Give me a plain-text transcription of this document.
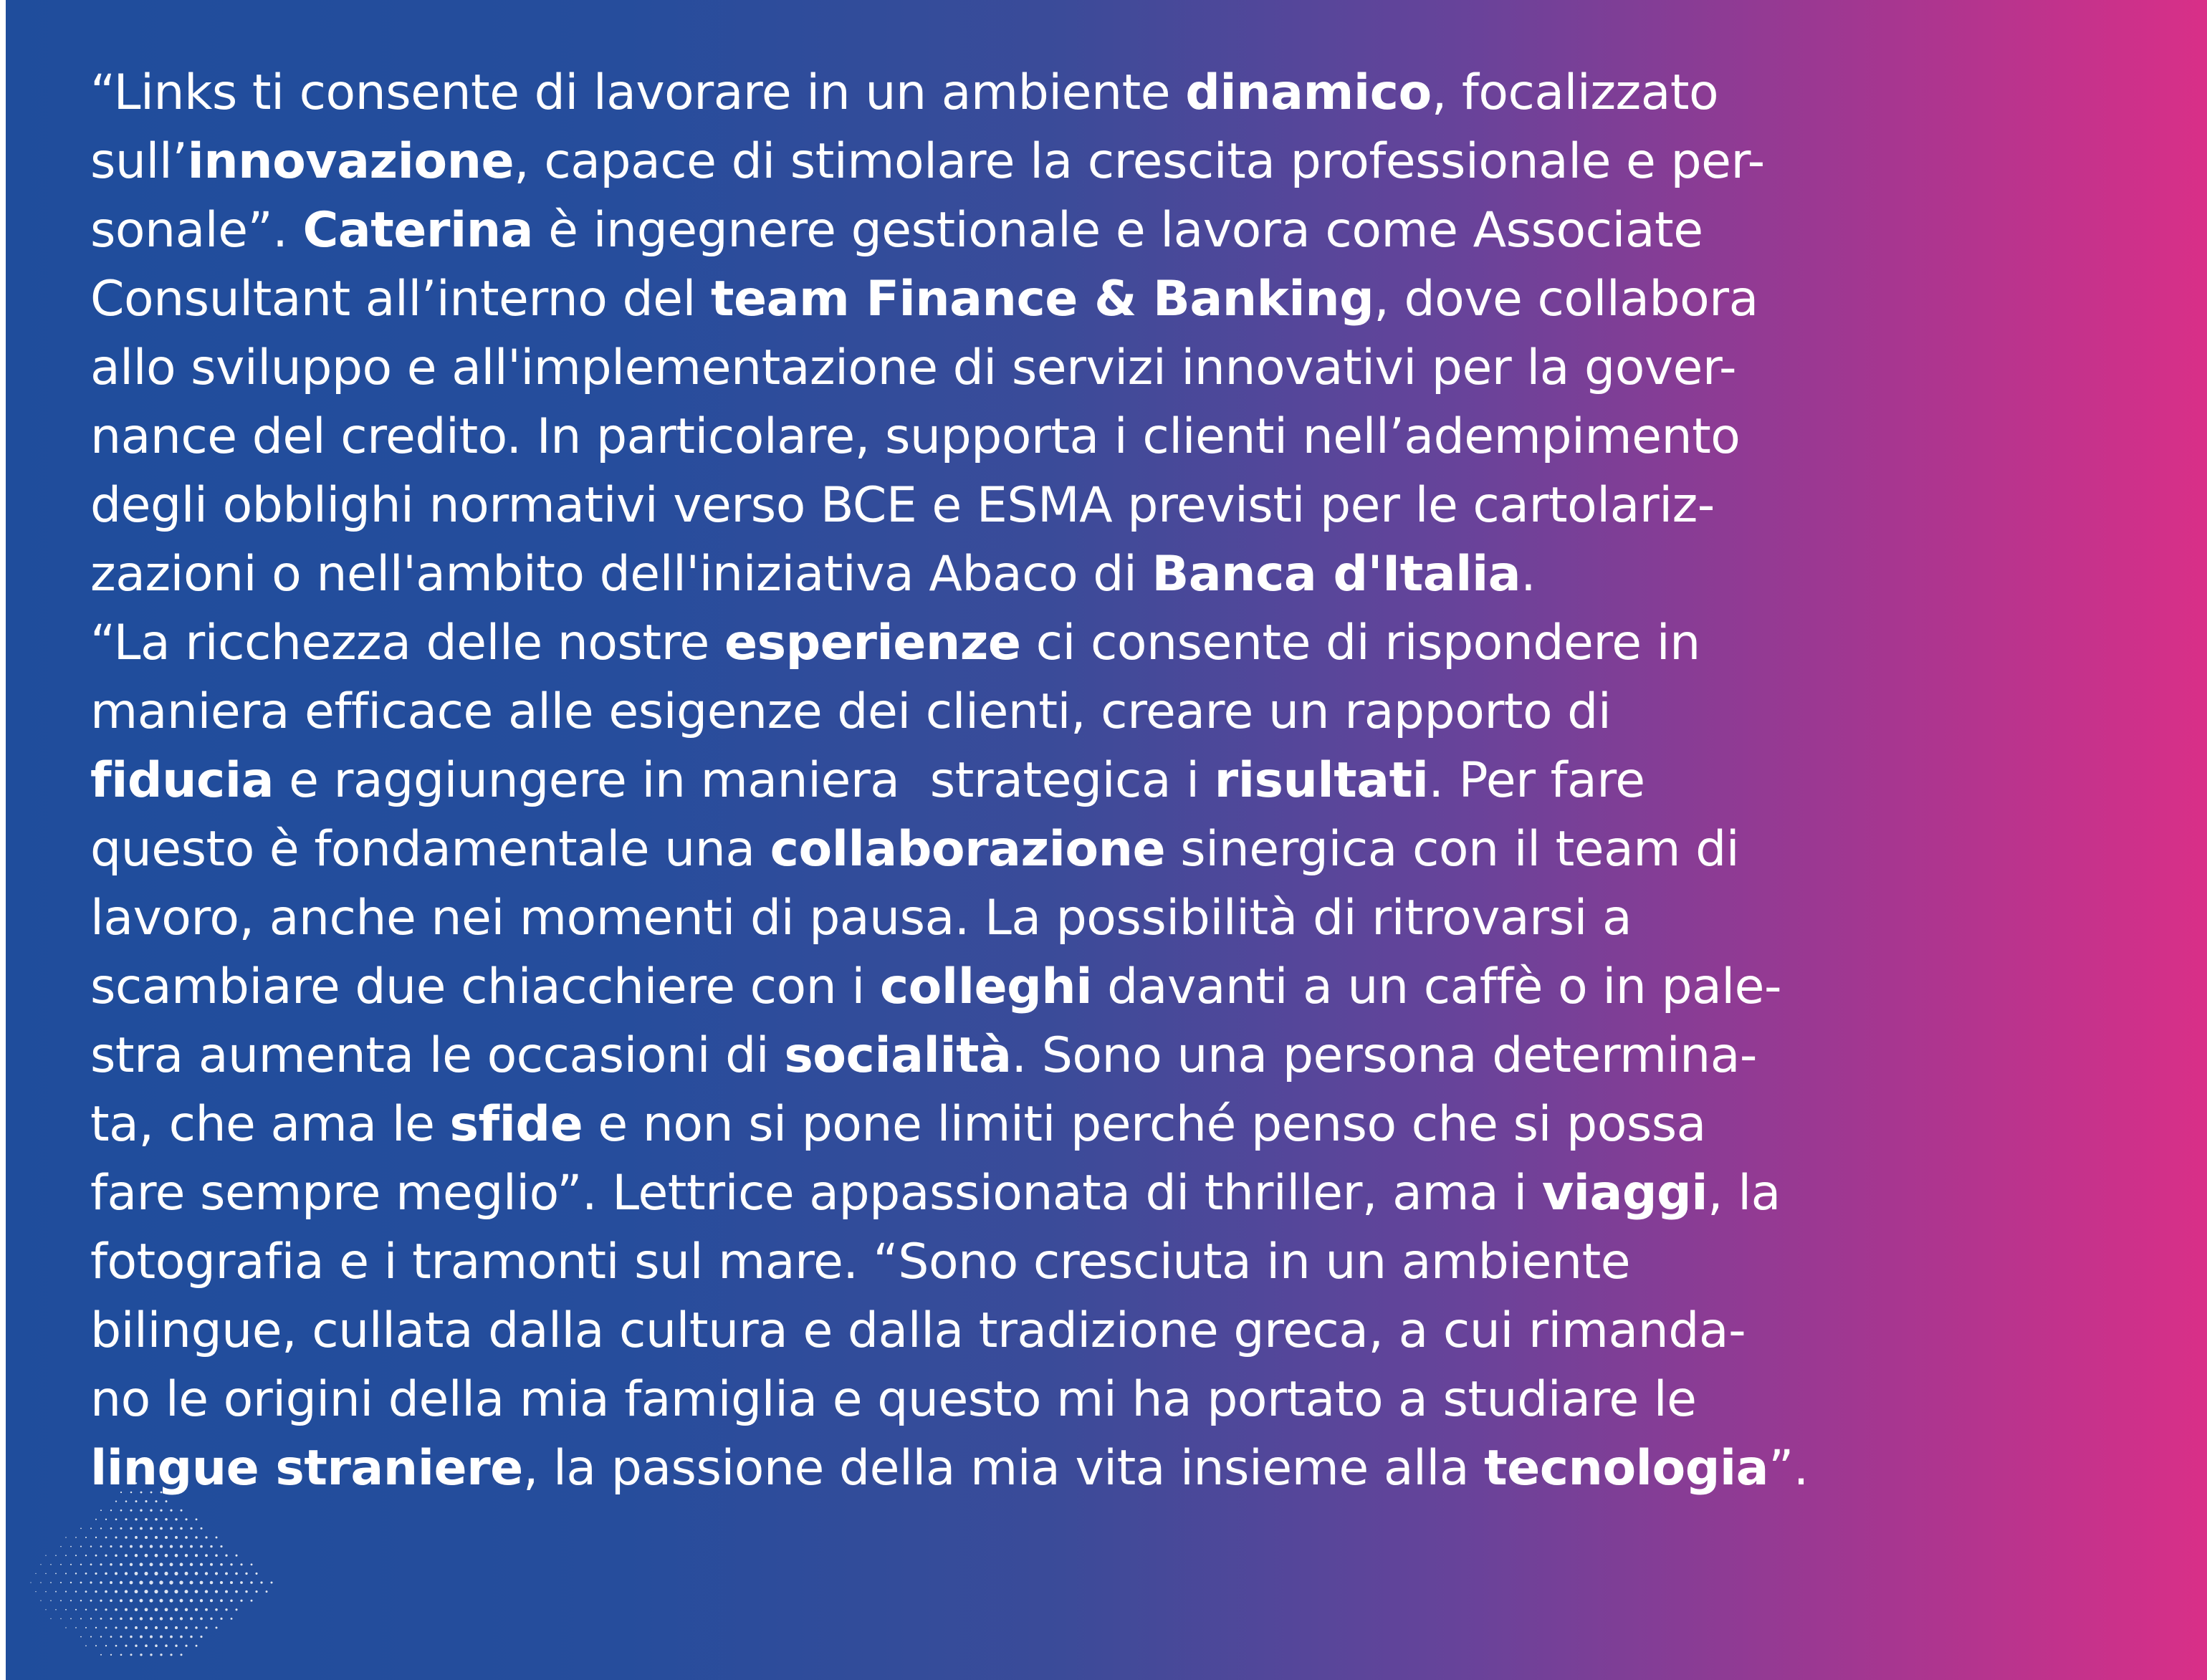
“Links ti consente di lavorare in un ambiente dinamico, focalizzato
sull’innovazione, capace di stimolare la crescita professionale e per-
sonale”. Caterina è ingegnere gestionale e lavora come Associate
Consultant all’interno del team Finance & Banking, dove collabora
allo sviluppo e all'implementazione di servizi innovativi per la gover-
nance del credito. In particolare, supporta i clienti nell’adempimento
degli obblighi normativi verso BCE e ESMA previsti per le cartolariz-
zazioni o nell'ambito dell'iniziativa Abaco di Banca d'Italia.
“La ricchezza delle nostre esperienze ci consente di rispondere in
maniera efficace alle esigenze dei clienti, creare un rapporto di
fiducia e raggiungere in maniera  strategica i risultati. Per fare
questo è fondamentale una collaborazione sinergica con il team di
lavoro, anche nei momenti di pausa. La possibilità di ritrovarsi a
scambiare due chiacchiere con i colleghi davanti a un caffè o in pale-
stra aumenta le occasioni di socialità. Sono una persona determina-
ta, che ama le sfide e non si pone limiti perché penso che si possa
fare sempre meglio”. Lettrice appassionata di thriller, ama i viaggi, la
fotografia e i tramonti sul mare. “Sono cresciuta in un ambiente
bilingue, cullata dalla cultura e dalla tradizione greca, a cui rimanda-
no le origini della mia famiglia e questo mi ha portato a studiare le
lingue straniere, la passione della mia vita insieme alla tecnologia”.
